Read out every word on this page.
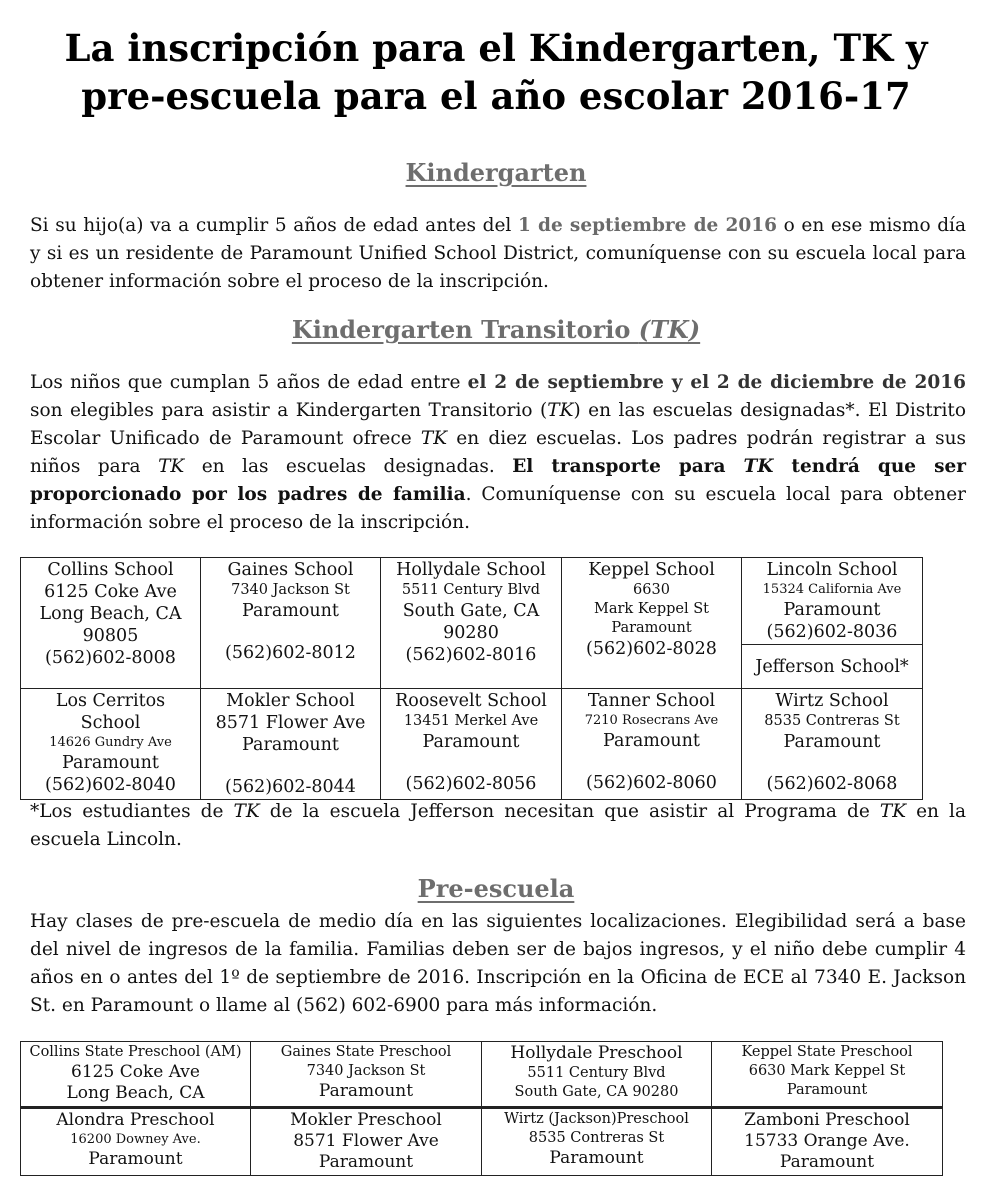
La inscripción para el Kindergarten, TK y
pre-escuela para el año escolar 2016-17
Kindergarten

Si su hijo(a) va a cumplir 5 años de edad antes del 1 de septiembre de 2016 o en ese mismo día y si es un residente de Paramount Unified School District, comuníquense con su escuela local para obtener información sobre el proceso de la inscripción.

Kindergarten Transitorio (TK)

Los niños que cumplan 5 años de edad entre el 2 de septiembre y el 2 de diciembre de 2016 son elegibles para asistir a Kindergarten Transitorio (TK) en las escuelas designadas*. El Distrito Escolar Unificado de Paramount ofrece TK en diez escuelas. Los padres podrán registrar a sus niños para TK en las escuelas designadas. El transporte para TK tendrá que ser proporcionado por los padres de familia. Comuníquense con su escuela local para obtener información sobre el proceso de la inscripción.

Collins School
6125 Coke Ave
Long Beach, CA
90805
(562)602-8008	Gaines School
7340 Jackson St
Paramount
(562)602-8012	Hollydale School
5511 Century Blvd
South Gate, CA
90280
(562)602-8016	Keppel School
6630
Mark Keppel St
Paramount
(562)602-8028	Lincoln School
15324 California Ave
Paramount
(562)602-8036

				Jefferson School*

Los Cerritos
School
14626 Gundry Ave
Paramount
(562)602-8040	Mokler School
8571 Flower Ave
Paramount
(562)602-8044	Roosevelt School
13451 Merkel Ave
Paramount
(562)602-8056	Tanner School
7210 Rosecrans Ave
Paramount
(562)602-8060	Wirtz School
8535 Contreras St
Paramount
(562)602-8068

*Los estudiantes de TK de la escuela Jefferson necesitan que asistir al Programa de TK en la escuela Lincoln.

Pre-escuela

Hay clases de pre-escuela de medio día en las siguientes localizaciones. Elegibilidad será a base del nivel de ingresos de la familia. Familias deben ser de bajos ingresos, y el niño debe cumplir 4 años en o antes del 1º de septiembre de 2016. Inscripción en la Oficina de ECE al 7340 E. Jackson St. en Paramount o llame al (562) 602-6900 para más información.

Collins State Preschool (AM)
6125 Coke Ave
Long Beach, CA	Gaines State Preschool
7340 Jackson St
Paramount	Hollydale Preschool
5511 Century Blvd
South Gate, CA 90280	Keppel State Preschool
6630 Mark Keppel St
Paramount

Alondra Preschool
16200 Downey Ave.
Paramount	Mokler Preschool
8571 Flower Ave
Paramount	Wirtz (Jackson)Preschool
8535 Contreras St
Paramount	Zamboni Preschool
15733 Orange Ave.
Paramount
